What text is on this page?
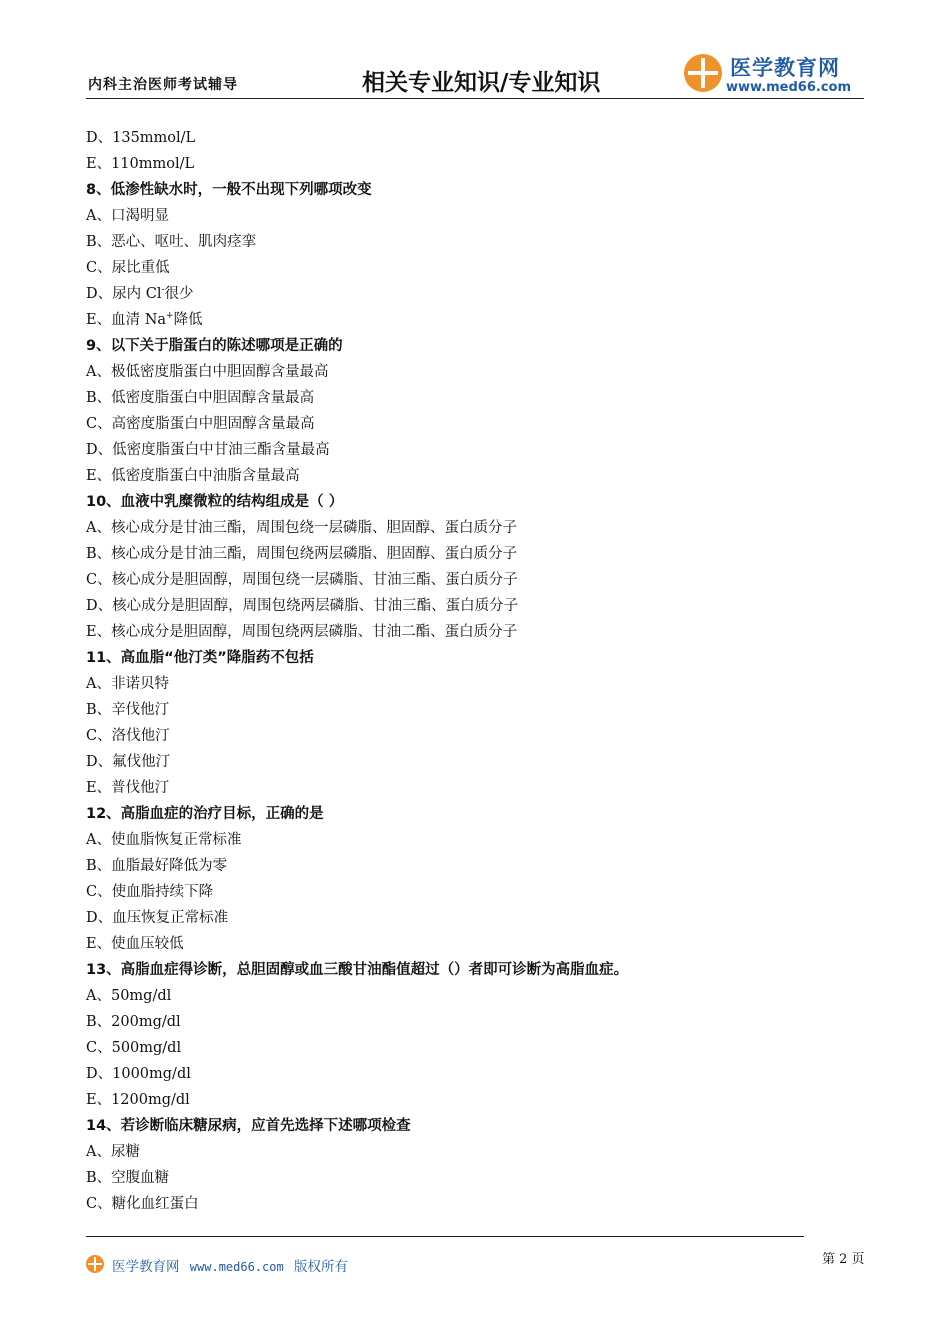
内科主治医师考试辅导	相关专业知识/专业知识
医学教育网
www.med66.com
D、135mmol/L
E、110mmol/L
8、低渗性缺水时，一般不出现下列哪项改变
A、口渴明显
B、恶心、呕吐、肌肉痉挛
C、尿比重低
D、尿内 Cl-很少
E、血清 Na+降低
9、以下关于脂蛋白的陈述哪项是正确的
A、极低密度脂蛋白中胆固醇含量最高
B、低密度脂蛋白中胆固醇含量最高
C、高密度脂蛋白中胆固醇含量最高
D、低密度脂蛋白中甘油三酯含量最高
E、低密度脂蛋白中油脂含量最高
10、血液中乳糜微粒的结构组成是（ ）
A、核心成分是甘油三酯，周围包绕一层磷脂、胆固醇、蛋白质分子
B、核心成分是甘油三酯，周围包绕两层磷脂、胆固醇、蛋白质分子
C、核心成分是胆固醇，周围包绕一层磷脂、甘油三酯、蛋白质分子
D、核心成分是胆固醇，周围包绕两层磷脂、甘油三酯、蛋白质分子
E、核心成分是胆固醇，周围包绕两层磷脂、甘油二酯、蛋白质分子
11、高血脂“他汀类”降脂药不包括
A、非诺贝特
B、辛伐他汀
C、洛伐他汀
D、氟伐他汀
E、普伐他汀
12、高脂血症的治疗目标，正确的是
A、使血脂恢复正常标准
B、血脂最好降低为零
C、使血脂持续下降
D、血压恢复正常标准
E、使血压较低
13、高脂血症得诊断，总胆固醇或血三酸甘油酯值超过（）者即可诊断为高脂血症。
A、50mg/dl
B、200mg/dl
C、500mg/dl
D、1000mg/dl
E、1200mg/dl
14、若诊断临床糖尿病，应首先选择下述哪项检查
A、尿糖
B、空腹血糖
C、糖化血红蛋白
医学教育网 www.med66.com 版权所有	第 2 页
